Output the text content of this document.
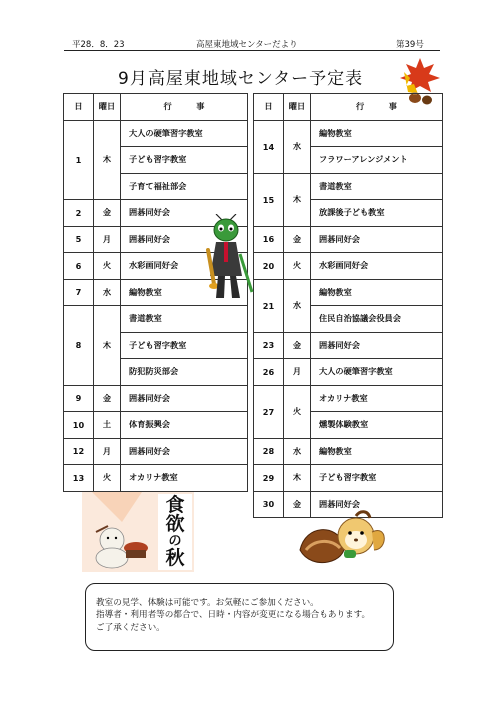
平28．8．23	高屋東地域センターだより	第39号
9月高屋東地域センター予定表
日	曜日	行　　　事		日	曜日	行　　　事
1	木	大人の硬筆習字教室		14	水	編物教室
		子ども習字教室				フラワーアレンジメント
		子育て福祉部会		15	木	書道教室
2	金	囲碁同好会				放課後子ども教室
5	月	囲碁同好会		16	金	囲碁同好会
6	火	水彩画同好会		20	火	水彩画同好会
7	水	編物教室		21	水	編物教室
8	木	書道教室				住民自治協議会役員会
		子ども習字教室		23	金	囲碁同好会
		防犯防災部会		26	月	大人の硬筆習字教室
9	金	囲碁同好会		27	火	オカリナ教室
10	土	体育振興会				燻製体験教室
12	月	囲碁同好会		28	水	編物教室
13	火	オカリナ教室		29	木	子ども習字教室
				30	金	囲碁同好会
食
欲
の
秋
教室の見学、体験は可能です。お気軽にご参加ください。
指導者・利用者等の都合で、日時・内容が変更になる場合もあります。
ご了承ください。
